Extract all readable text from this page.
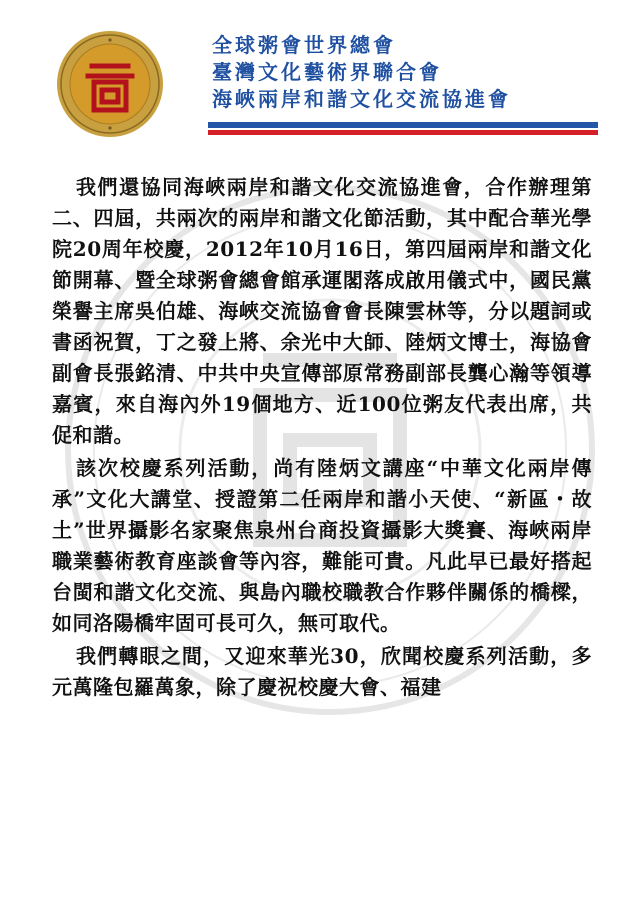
全球粥會世界總會
臺灣文化藝術界聯合會
海峽兩岸和諧文化交流協進會

我們還協同海峽兩岸和諧文化交流協進會，合作辦理第二、四屆，共兩次的兩岸和諧文化節活動，其中配合華光學院20周年校慶，2012年10月16日，第四屆兩岸和諧文化節開幕、暨全球粥會總會館承運閣落成啟用儀式中，國民黨榮譽主席吳伯雄、海峽交流協會會長陳雲林等，分以題詞或書函祝賀，丁之發上將、余光中大師、陸炳文博士，海協會副會長張銘清、中共中央宣傳部原常務副部長龔心瀚等領導嘉賓，來自海內外19個地方、近100位粥友代表出席，共促和諧。

該次校慶系列活動，尚有陸炳文講座“中華文化兩岸傳承”文化大講堂、授證第二任兩岸和諧小天使、“新區・故土”世界攝影名家聚焦泉州台商投資攝影大獎賽、海峽兩岸職業藝術教育座談會等內容，難能可貴。凡此早已最好搭起台閩和諧文化交流、與島內職校職教合作夥伴關係的橋樑，如同洛陽橋牢固可長可久，無可取代。

我們轉眼之間，又迎來華光30，欣聞校慶系列活動，多元萬隆包羅萬象，除了慶祝校慶大會、福建
